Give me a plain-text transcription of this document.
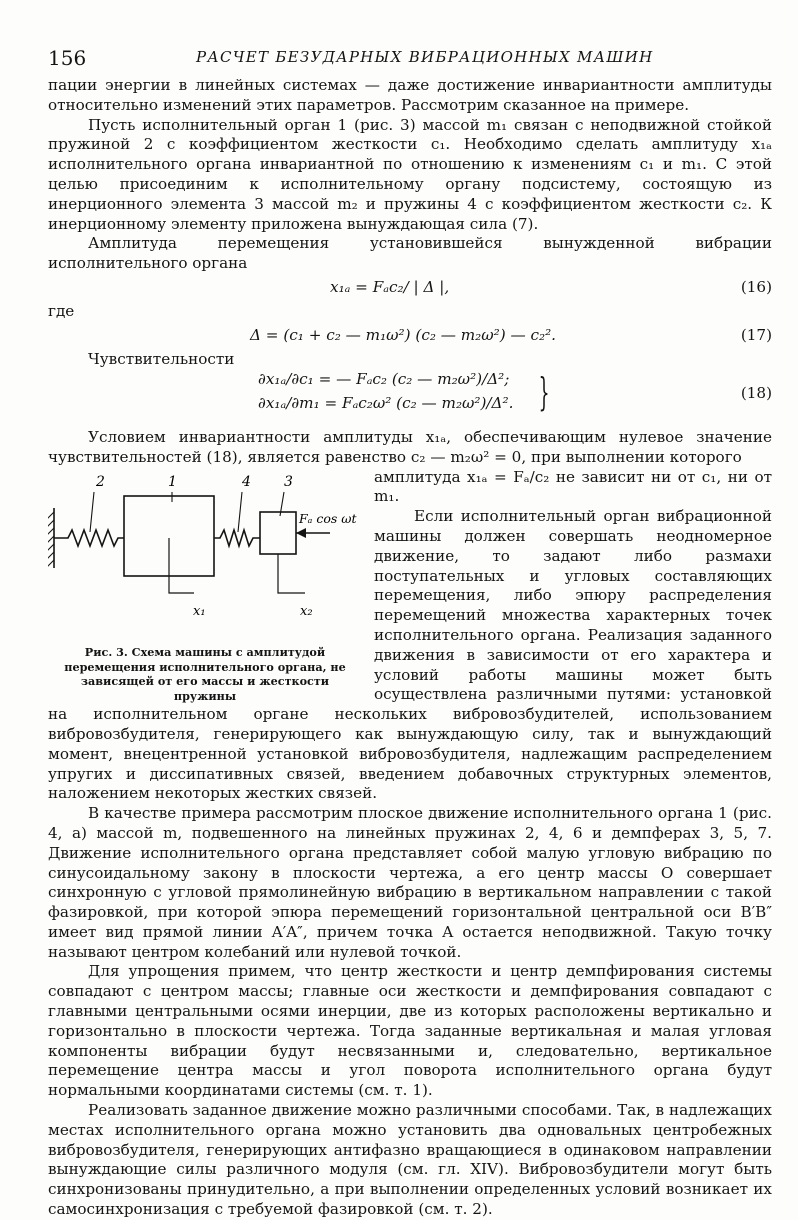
156	РАСЧЕТ БЕЗУДАРНЫХ ВИБРАЦИОННЫХ МАШИН

пации энергии в линейных системах — даже достижение инвариантности амплитуды относительно изменений этих параметров. Рассмотрим сказанное на примере.

Пусть исполнительный орган 1 (рис. 3) массой m₁ связан с неподвижной стойкой пружиной 2 с коэффициентом жесткости c₁. Необходимо сделать амплитуду x₁ₐ исполнительного органа инвариантной по отношению к изменениям c₁ и m₁. С этой целью присоединим к исполнительному органу подсистему, состоящую из инерционного элемента 3 массой m₂ и пружины 4 с коэффициентом жесткости c₂. К инерционному элементу приложена вынуждающая сила (7).

Амплитуда перемещения установившейся вынужденной вибрации исполнительного органа

x₁ₐ = Fₐc₂/ | Δ |,	(16)
где
Δ = (c₁ + c₂ — m₁ω²) (c₂ — m₂ω²) — c₂².	(17)
Чувствительности
∂x₁ₐ/∂c₁ = — Fₐc₂ (c₂ — m₂ω²)/Δ²;
∂x₁ₐ/∂m₁ = Fₐc₂ω² (c₂ — m₂ω²)/Δ². }	(18)

Условием инвариантности амплитуды x₁ₐ, обеспечивающим нулевое значение чувствительностей (18), является равенство c₂ — m₂ω² = 0, при выполнении которого

2	1	4 3
Fₐ cos ωt
x₁	x₂
Рис. 3. Схема машины с амплитудой перемещения исполнительного органа, не зависящей от его массы и жесткости пружины

амплитуда x₁ₐ = Fₐ/c₂ не зависит ни от c₁, ни от m₁.

Если исполнительный орган вибрационной машины должен совершать неодномерное движение, то задают либо размахи поступательных и угловых составляющих перемещения, либо эпюру распределения перемещений множества характерных точек исполнительного органа. Реализация заданного движения в зависимости от его характера и условий работы машины может быть осуществлена различными путями: установкой на исполнительном органе нескольких вибровозбудителей, использованием вибровозбудителя, генерирующего как вынуждающую силу, так и вынуждающий момент, внецентренной установкой вибровозбудителя, надлежащим распределением упругих и диссипативных связей, введением добавочных структурных элементов, наложением некоторых жестких связей.

В качестве примера рассмотрим плоское движение исполнительного органа 1 (рис. 4, а) массой m, подвешенного на линейных пружинах 2, 4, 6 и демпферах 3, 5, 7. Движение исполнительного органа представляет собой малую угловую вибрацию по синусоидальному закону в плоскости чертежа, а его центр массы O совершает синхронную с угловой прямолинейную вибрацию в вертикальном направлении с такой фазировкой, при которой эпюра перемещений горизонтальной центральной оси B′B″ имеет вид прямой линии A′A″, причем точка A остается неподвижной. Такую точку называют центром колебаний или нулевой точкой.

Для упрощения примем, что центр жесткости и центр демпфирования системы совпадают с центром массы; главные оси жесткости и демпфирования совпадают с главными центральными осями инерции, две из которых расположены вертикально и горизонтально в плоскости чертежа. Тогда заданные вертикальная и малая угловая компоненты вибрации будут несвязанными и, следовательно, вертикальное перемещение центра массы и угол поворота исполнительного органа будут нормальными координатами системы (см. т. 1).

Реализовать заданное движение можно различными способами. Так, в надлежащих местах исполнительного органа можно установить два одновальных центробежных вибровозбудителя, генерирующих антифазно вращающиеся в одинаковом направлении вынуждающие силы различного модуля (см. гл. XIV). Вибровозбудители могут быть синхронизованы принудительно, а при выполнении определенных условий возникает их самосинхронизация с требуемой фазировкой (см. т. 2).
